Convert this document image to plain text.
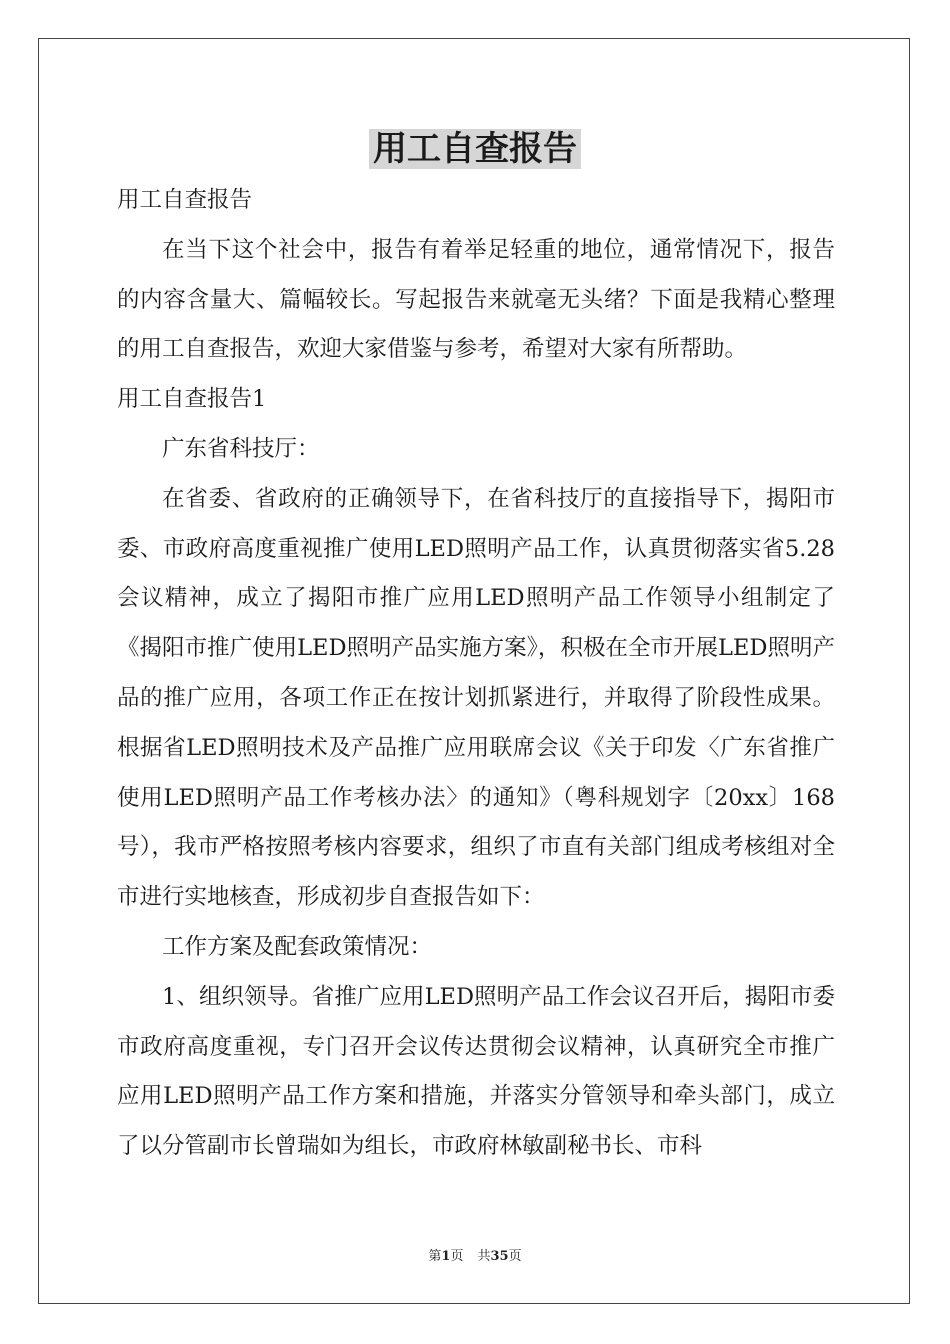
用工自查报告

用工自查报告

在当下这个社会中，报告有着举足轻重的地位，通常情况下，报告的内容含量大、篇幅较长。写起报告来就毫无头绪？下面是我精心整理的用工自查报告，欢迎大家借鉴与参考，希望对大家有所帮助。

用工自查报告1

广东省科技厅：

在省委、省政府的正确领导下，在省科技厅的直接指导下，揭阳市委、市政府高度重视推广使用LED照明产品工作，认真贯彻落实省5.28会议精神，成立了揭阳市推广应用LED照明产品工作领导小组制定了《揭阳市推广使用LED照明产品实施方案》，积极在全市开展LED照明产品的推广应用，各项工作正在按计划抓紧进行，并取得了阶段性成果。根据省LED照明技术及产品推广应用联席会议《关于印发〈广东省推广使用LED照明产品工作考核办法〉的通知》（粤科规划字〔20xx〕168号），我市严格按照考核内容要求，组织了市直有关部门组成考核组对全市进行实地核查，形成初步自查报告如下：

工作方案及配套政策情况：

1、组织领导。省推广应用LED照明产品工作会议召开后，揭阳市委市政府高度重视，专门召开会议传达贯彻会议精神，认真研究全市推广应用LED照明产品工作方案和措施，并落实分管领导和牵头部门，成立了以分管副市长曾瑞如为组长，市政府林敏副秘书长、市科

第1页 共35页
